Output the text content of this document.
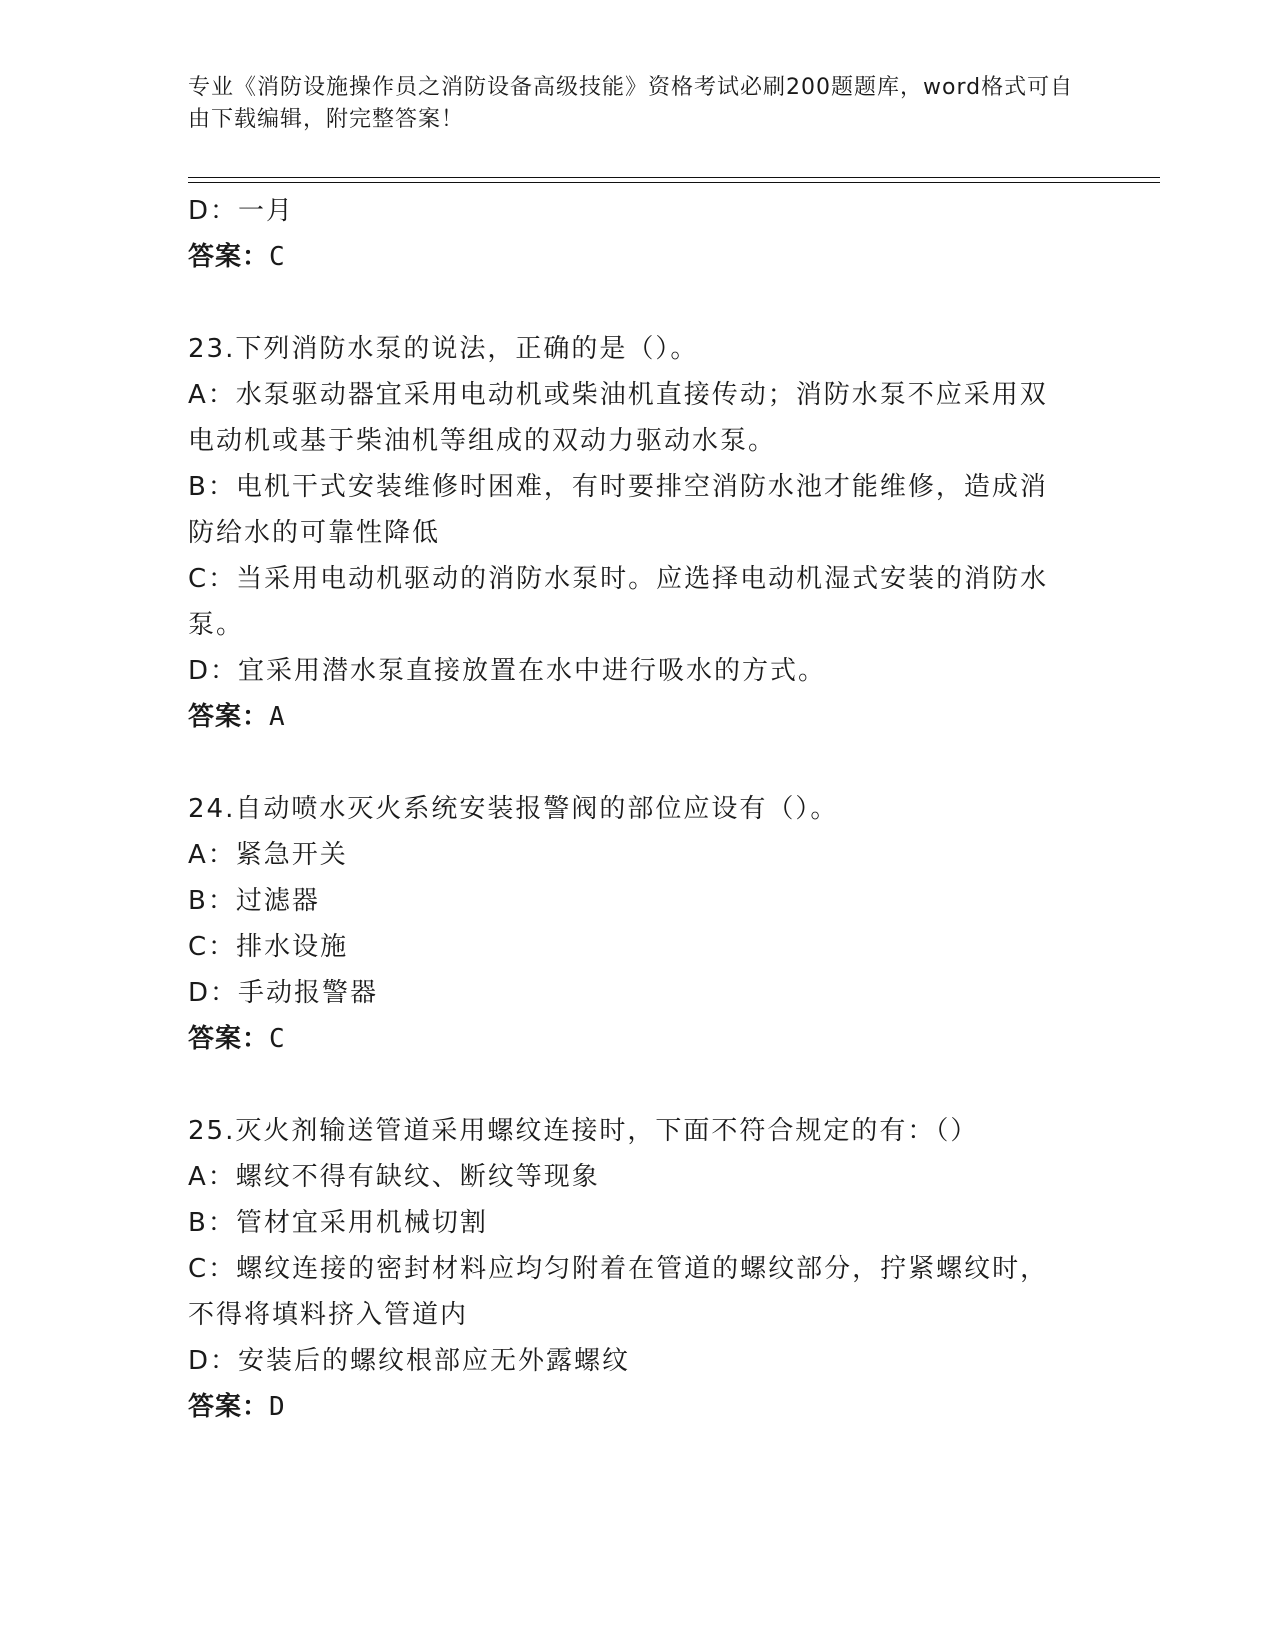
专业《消防设施操作员之消防设备高级技能》资格考试必刷200题题库，word格式可自由下载编辑，附完整答案！

D：一月

答案：C

23.下列消防水泵的说法，正确的是（）。

A：水泵驱动器宜采用电动机或柴油机直接传动；消防水泵不应采用双

电动机或基于柴油机等组成的双动力驱动水泵。

B：电机干式安装维修时困难，有时要排空消防水池才能维修，造成消

防给水的可靠性降低

C：当采用电动机驱动的消防水泵时。应选择电动机湿式安装的消防水

泵。

D：宜采用潜水泵直接放置在水中进行吸水的方式。

答案：A

24.自动喷水灭火系统安装报警阀的部位应设有（）。

A：紧急开关

B：过滤器

C：排水设施

D：手动报警器

答案：C

25.灭火剂输送管道采用螺纹连接时，下面不符合规定的有：（）

A：螺纹不得有缺纹、断纹等现象

B：管材宜采用机械切割

C：螺纹连接的密封材料应均匀附着在管道的螺纹部分，拧紧螺纹时，

不得将填料挤入管道内

D：安装后的螺纹根部应无外露螺纹

答案：D
